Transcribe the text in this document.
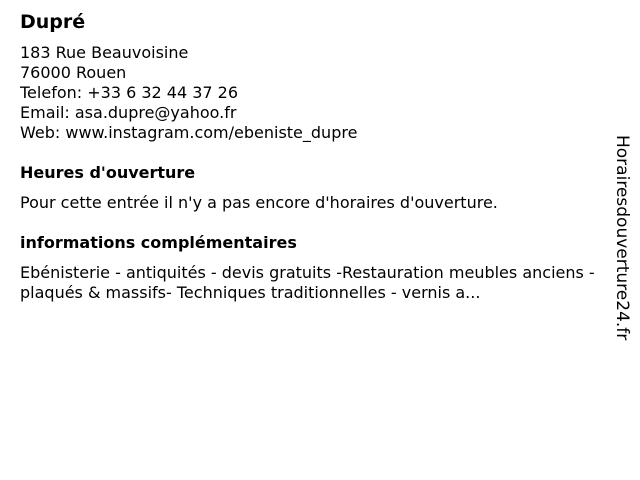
Dupré
183 Rue Beauvoisine
76000 Rouen
Telefon: +33 6 32 44 37 26
Email: asa.dupre@yahoo.fr
Web: www.instagram.com/ebeniste_dupre
Heures d'ouverture
Pour cette entrée il n'y a pas encore d'horaires d'ouverture.
informations complémentaires
Ebénisterie - antiquités - devis gratuits -Restauration meubles anciens - plaqués & massifs- Techniques traditionnelles - vernis a...	Horairesdouverture24.fr
